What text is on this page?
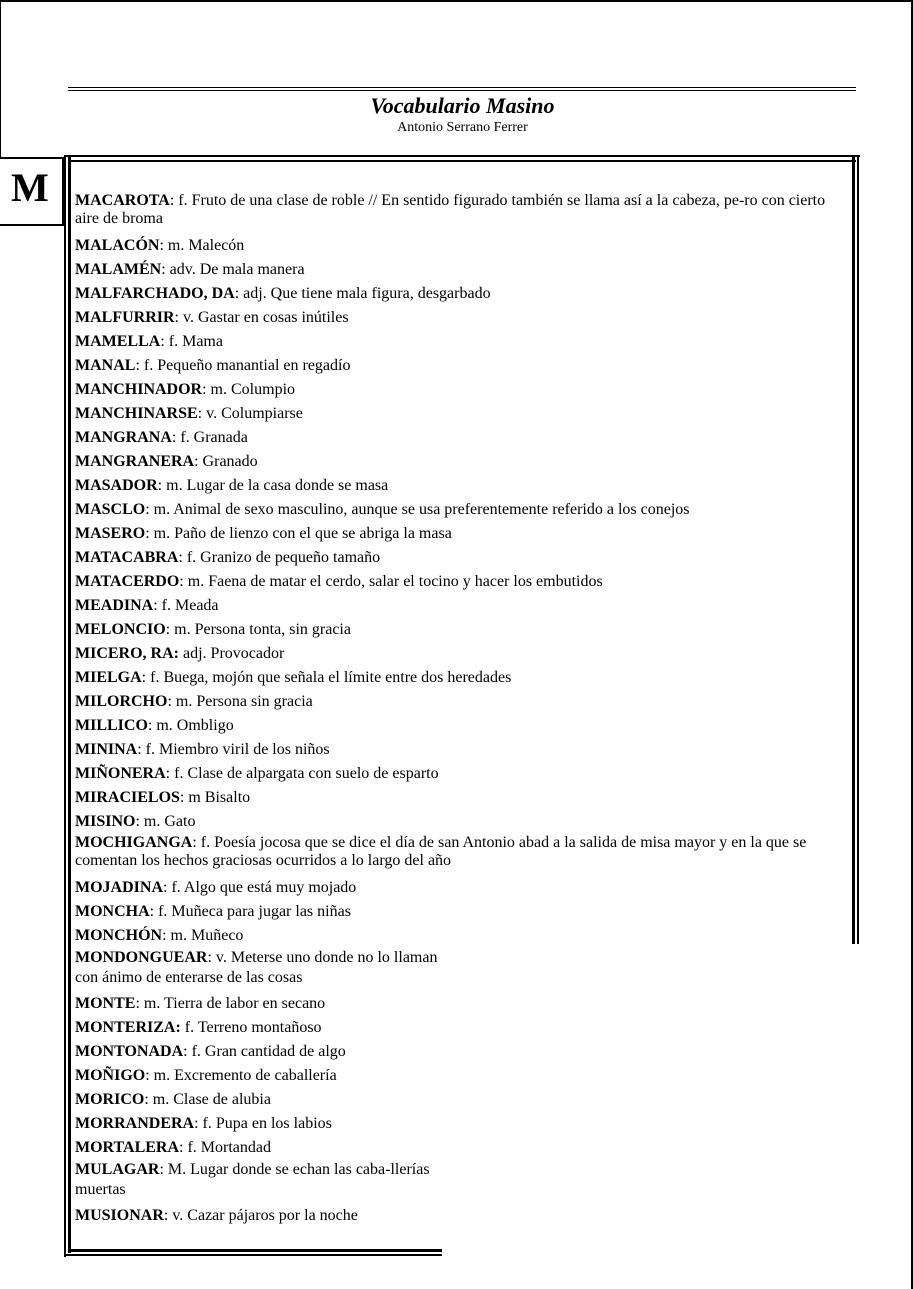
Vocabulario Masino
Antonio Serrano Ferrer
M MACAROTA: f. Fruto de una clase de roble // En sentido figurado también se llama así a la cabeza, pe-ro con cierto aire de broma
MALACÓN: m. Malecón
MALAMÉN: adv. De mala manera
MALFARCHADO, DA: adj. Que tiene mala figura, desgarbado
MALFURRIR: v. Gastar en cosas inútiles
MAMELLA: f. Mama
MANAL: f. Pequeño manantial en regadío
MANCHINADOR: m. Columpio
MANCHINARSE: v. Columpiarse
MANGRANA: f. Granada
MANGRANERA: Granado
MASADOR: m. Lugar de la casa donde se masa
MASCLO: m. Animal de sexo masculino, aunque se usa preferentemente referido a los conejos
MASERO: m. Paño de lienzo con el que se abriga la masa
MATACABRA: f. Granizo de pequeño tamaño
MATACERDO: m. Faena de matar el cerdo, salar el tocino y hacer los embutidos
MEADINA: f. Meada
MELONCIO: m. Persona tonta, sin gracia
MICERO, RA: adj. Provocador
MIELGA: f. Buega, mojón que señala el límite entre dos heredades
MILORCHO: m. Persona sin gracia
MILLICO: m. Ombligo
MININA: f. Miembro viril de los niños
MIÑONERA: f. Clase de alpargata con suelo de esparto
MIRACIELOS: m Bisalto
MISINO: m. Gato
MOCHIGANGA: f. Poesía jocosa que se dice el día de san Antonio abad a la salida de misa mayor y en la que se comentan los hechos graciosas ocurridos a lo largo del año
MOJADINA: f. Algo que está muy mojado
MONCHA: f. Muñeca para jugar las niñas
MONCHÓN: m. Muñeco
MONDONGUEAR: v. Meterse uno donde no lo llaman con ánimo de enterarse de las cosas
MONTE: m. Tierra de labor en secano
MONTERIZA: f. Terreno montañoso
MONTONADA: f. Gran cantidad de algo
MOÑIGO: m. Excremento de caballería
MORICO: m. Clase de alubia
MORRANDERA: f. Pupa en los labios
MORTALERA: f. Mortandad
MULAGAR: M. Lugar donde se echan las caba-llerías muertas
MUSIONAR: v. Cazar pájaros por la noche
